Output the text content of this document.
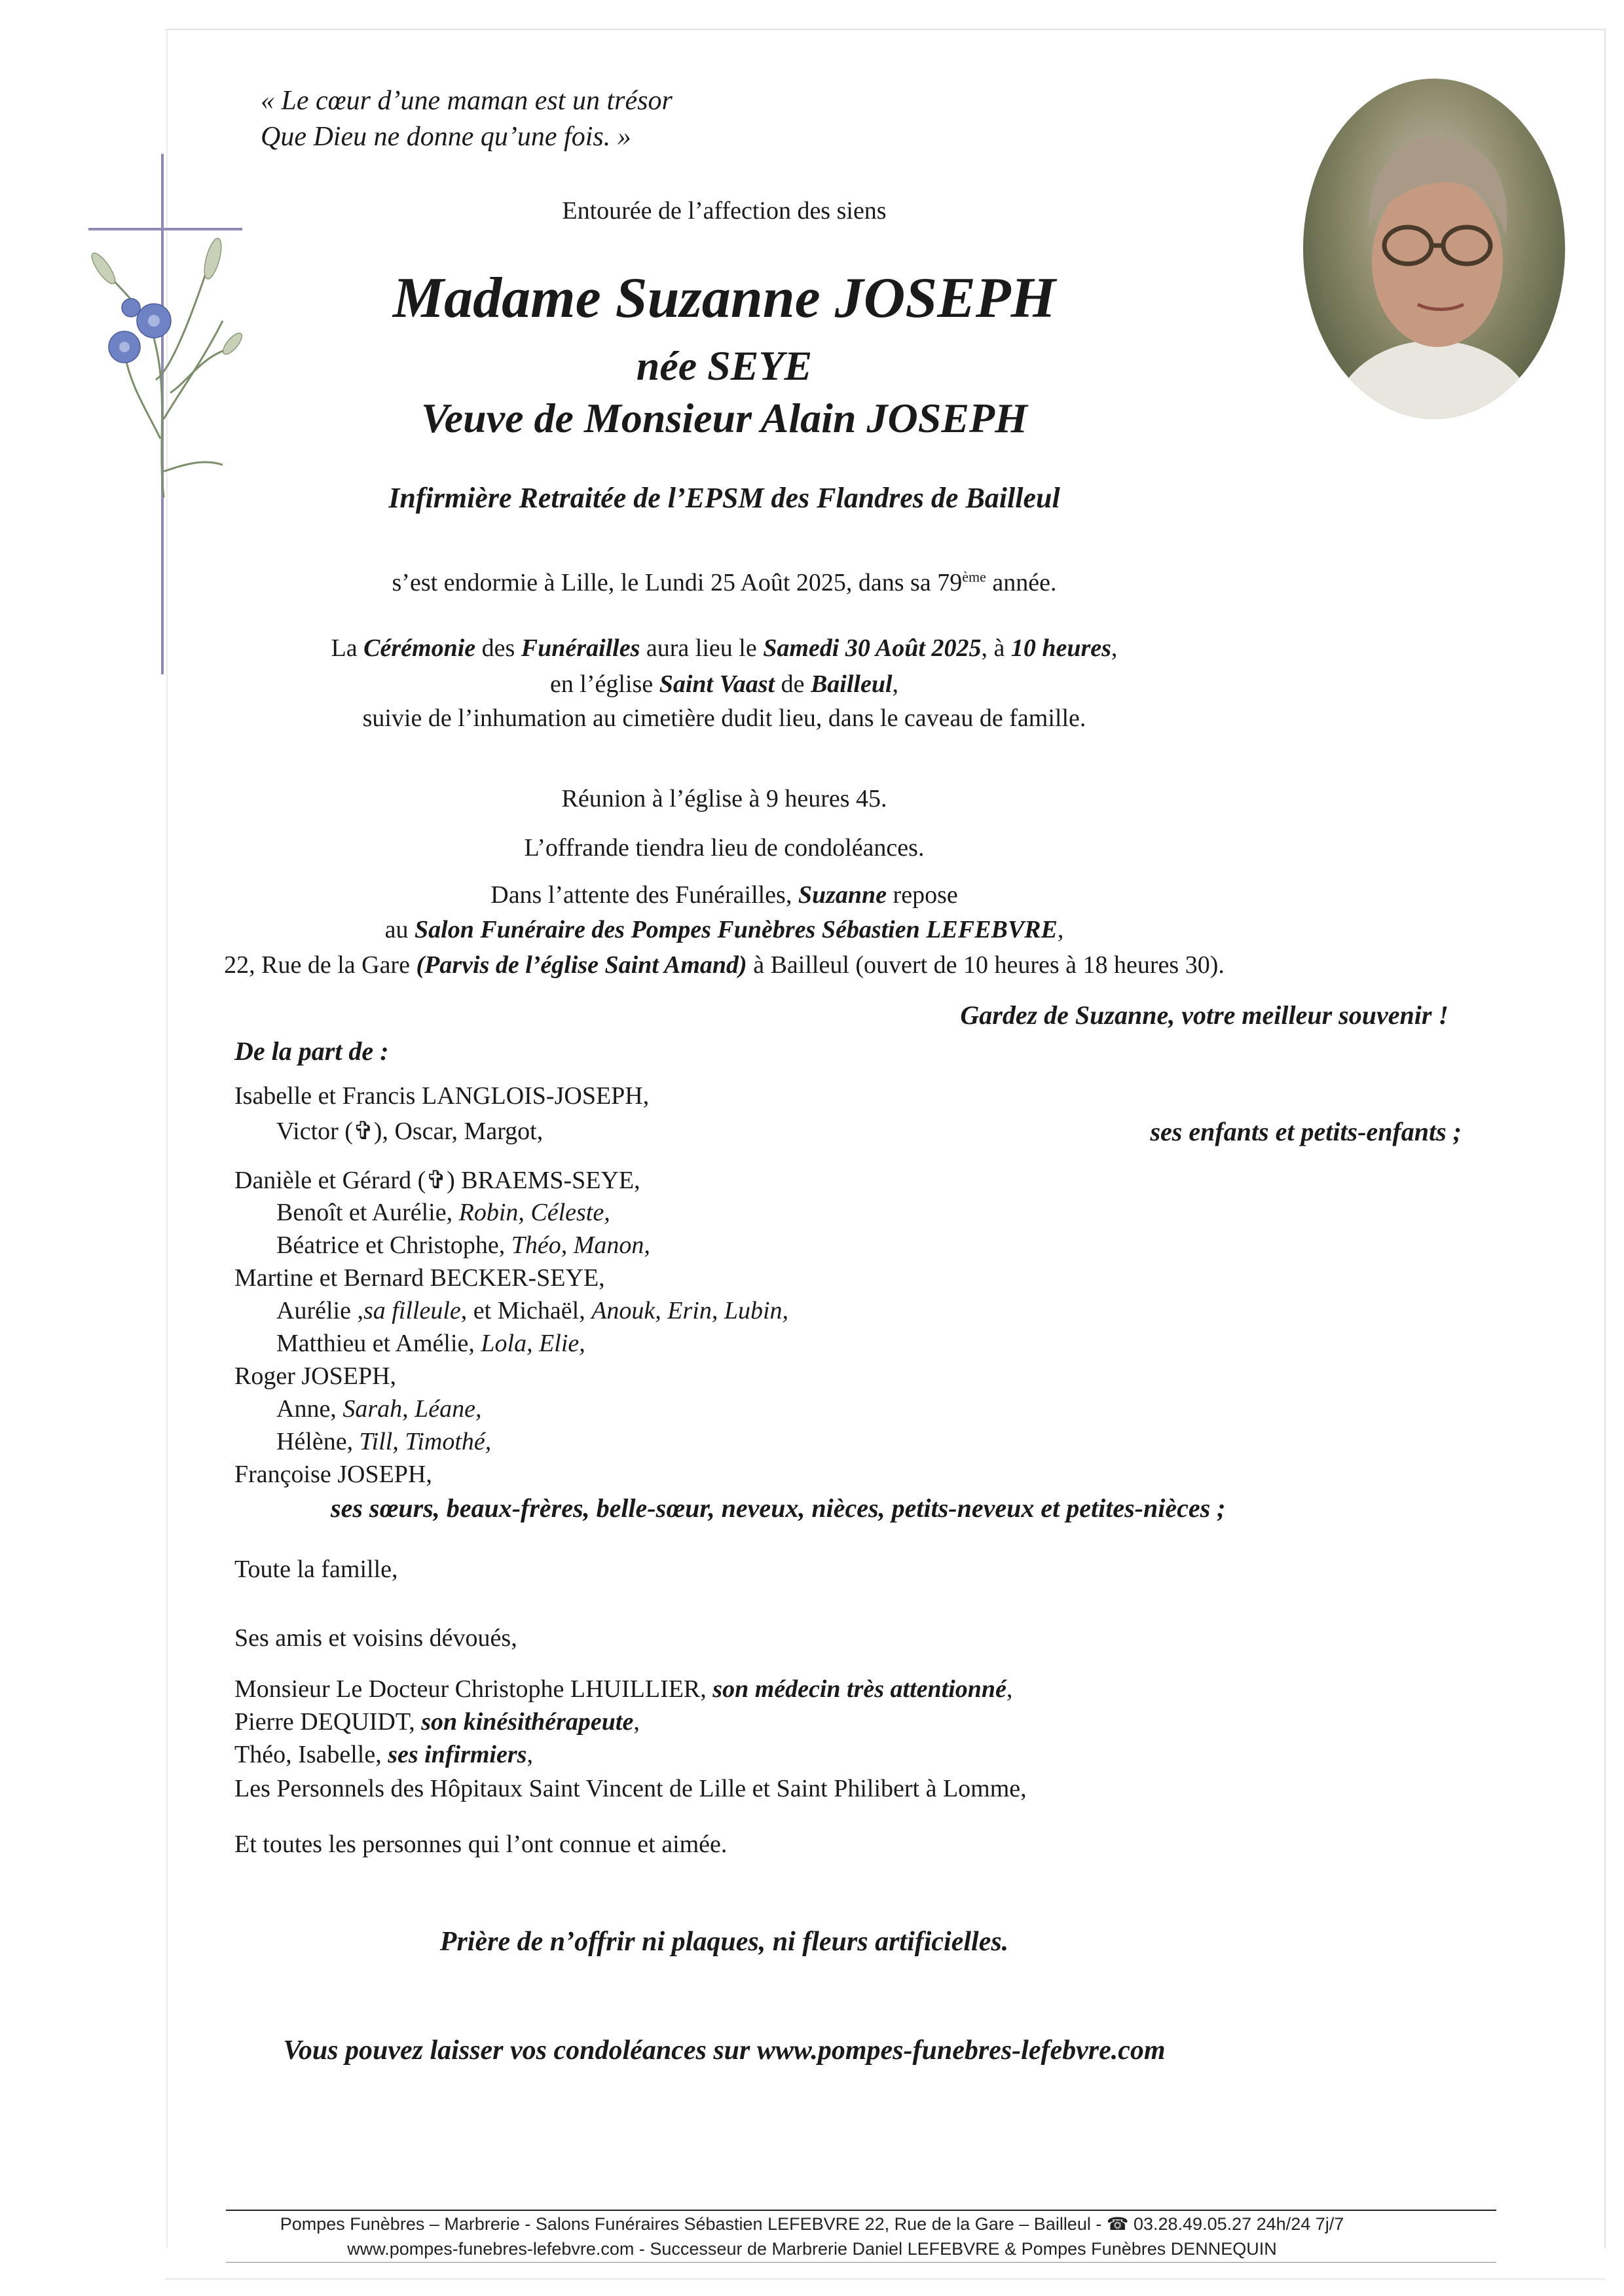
« Le cœur d’une maman est un trésor
Que Dieu ne donne qu’une fois. »
Entourée de l’affection des siens
Madame Suzanne JOSEPH
née SEYE
Veuve de Monsieur Alain JOSEPH
Infirmière Retraitée de l’EPSM des Flandres de Bailleul
s’est endormie à Lille, le Lundi 25 Août 2025, dans sa 79ème année.
La Cérémonie des Funérailles aura lieu le Samedi 30 Août 2025, à 10 heures,
en l’église Saint Vaast de Bailleul,
suivie de l’inhumation au cimetière dudit lieu, dans le caveau de famille.
Réunion à l’église à 9 heures 45.
L’offrande tiendra lieu de condoléances.
Dans l’attente des Funérailles, Suzanne repose
au Salon Funéraire des Pompes Funèbres Sébastien LEFEBVRE,
22, Rue de la Gare (Parvis de l’église Saint Amand) à Bailleul (ouvert de 10 heures à 18 heures 30).
Gardez de Suzanne, votre meilleur souvenir !
De la part de :
Isabelle et Francis LANGLOIS-JOSEPH,
Victor (✞), Oscar, Margot,	ses enfants et petits-enfants ;
Danièle et Gérard (✞) BRAEMS-SEYE,
Benoît et Aurélie, Robin, Céleste,
Béatrice et Christophe, Théo, Manon,
Martine et Bernard BECKER-SEYE,
Aurélie ,sa filleule, et Michaël, Anouk, Erin, Lubin,
Matthieu et Amélie, Lola, Elie,
Roger JOSEPH,
Anne, Sarah, Léane,
Hélène, Till, Timothé,
Françoise JOSEPH,
ses sœurs, beaux-frères, belle-sœur, neveux, nièces, petits-neveux et petites-nièces ;
Toute la famille,
Ses amis et voisins dévoués,
Monsieur Le Docteur Christophe LHUILLIER, son médecin très attentionné,
Pierre DEQUIDT, son kinésithérapeute,
Théo, Isabelle, ses infirmiers,
Les Personnels des Hôpitaux Saint Vincent de Lille et Saint Philibert à Lomme,
Et toutes les personnes qui l’ont connue et aimée.
Prière de n’offrir ni plaques, ni fleurs artificielles.
Vous pouvez laisser vos condoléances sur www.pompes-funebres-lefebvre.com
Pompes Funèbres – Marbrerie - Salons Funéraires Sébastien LEFEBVRE 22, Rue de la Gare – Bailleul - ☎ 03.28.49.05.27 24h/24 7j/7
www.pompes-funebres-lefebvre.com - Successeur de Marbrerie Daniel LEFEBVRE & Pompes Funèbres DENNEQUIN
